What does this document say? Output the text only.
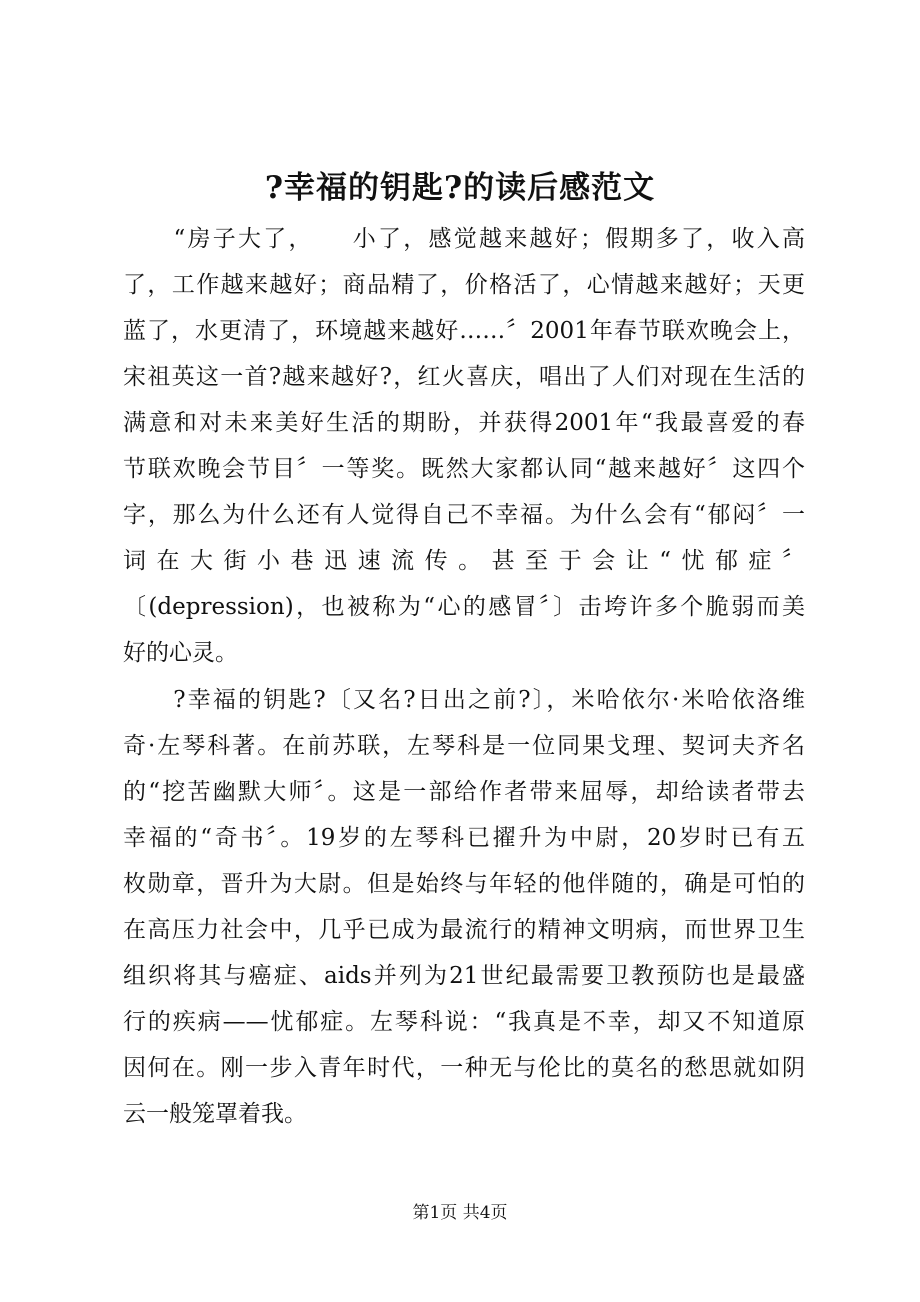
?幸福的钥匙?的读后感范文
　　“房子大了，　　小了，感觉越来越好；假期多了，收入高
了，工作越来越好；商品精了，价格活了，心情越来越好；天更
蓝了，水更清了，环境越来越好……〞2001年春节联欢晚会上，
宋祖英这一首?越来越好?，红火喜庆，唱出了人们对现在生活的
满意和对未来美好生活的期盼，并获得2001年“我最喜爱的春
节联欢晚会节目〞一等奖。既然大家都认同“越来越好〞这四个
字，那么为什么还有人觉得自己不幸福。为什么会有“郁闷〞一
词在大街小巷迅速流传。甚至于会让“忧郁症〞
〔(depression)，也被称为“心的感冒〞〕击垮许多个脆弱而美
好的心灵。
　　?幸福的钥匙?〔又名?日出之前?〕，米哈依尔·米哈依洛维
奇·左琴科著。在前苏联，左琴科是一位同果戈理、契诃夫齐名
的“挖苦幽默大师〞。这是一部给作者带来屈辱，却给读者带去
幸福的“奇书〞。19岁的左琴科已擢升为中尉，20岁时已有五
枚勋章，晋升为大尉。但是始终与年轻的他伴随的，确是可怕的
在高压力社会中，几乎已成为最流行的精神文明病，而世界卫生
组织将其与癌症、aids并列为21世纪最需要卫教预防也是最盛
行的疾病——忧郁症。左琴科说：“我真是不幸，却又不知道原
因何在。刚一步入青年时代，一种无与伦比的莫名的愁思就如阴
云一般笼罩着我。
第1页 共4页
